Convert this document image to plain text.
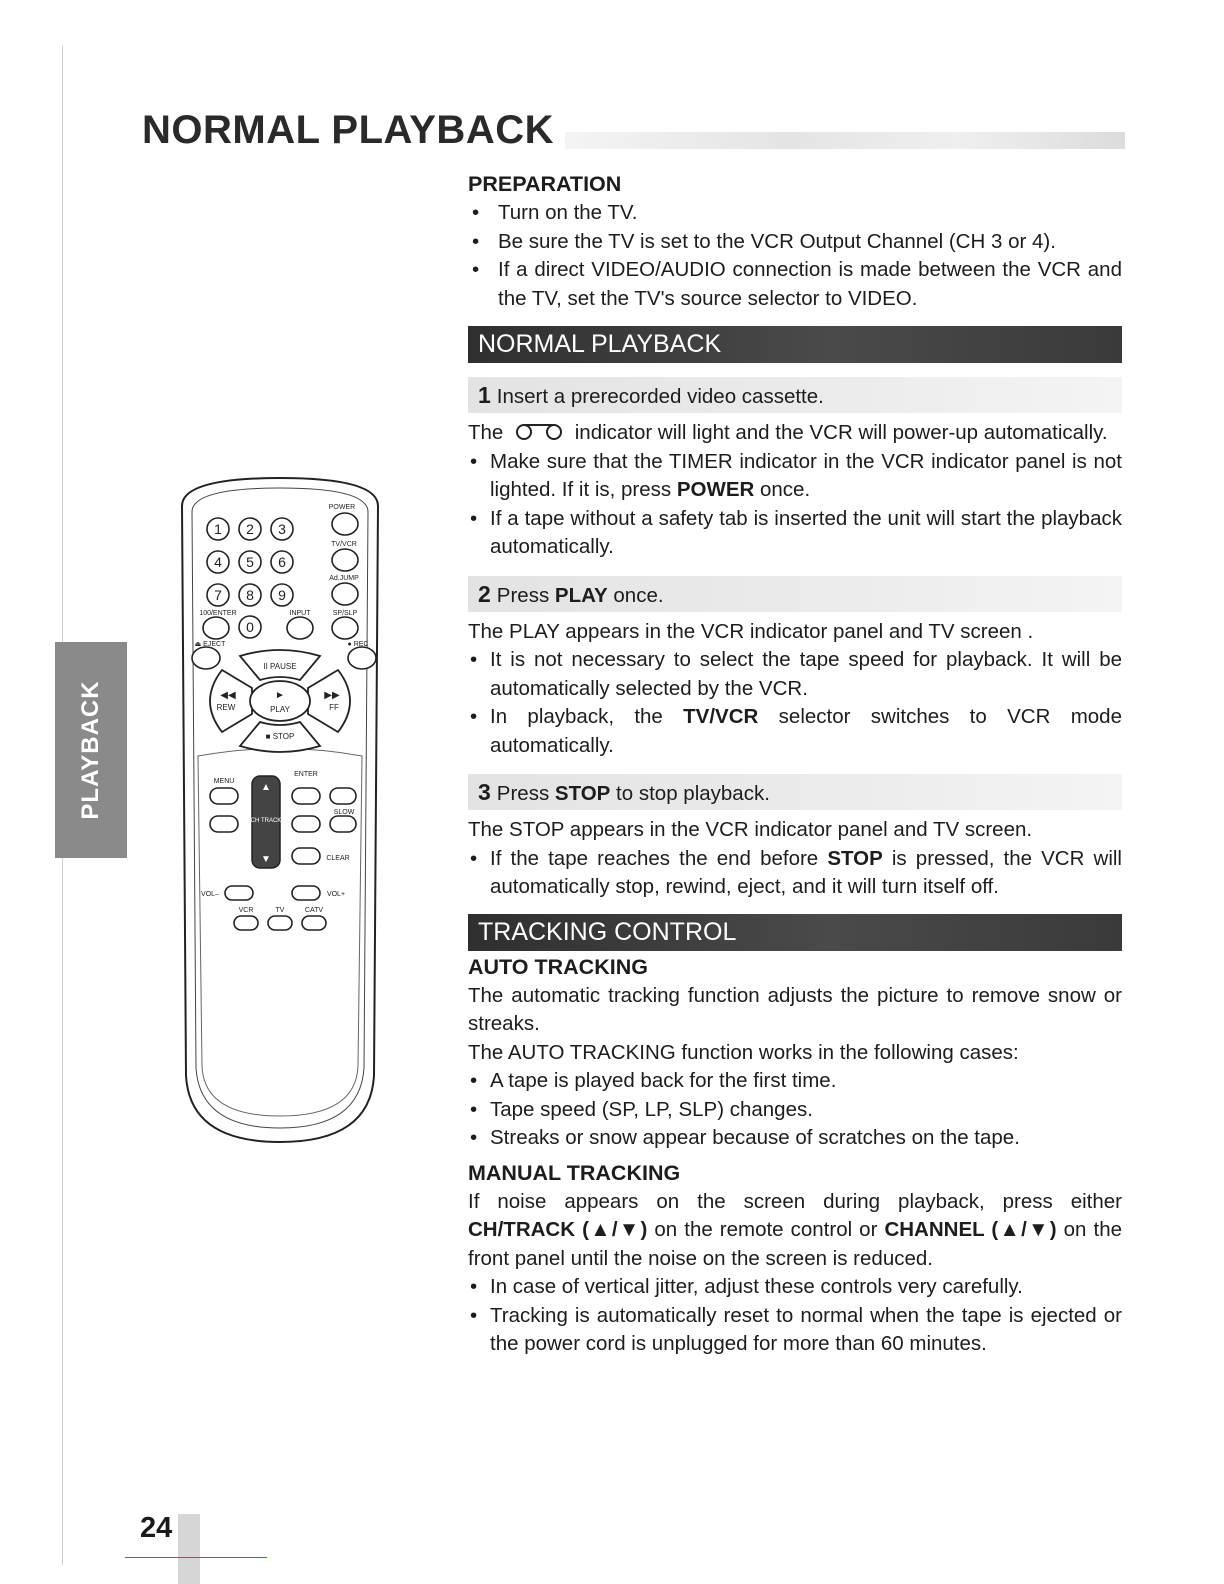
PLAYBACK
NORMAL PLAYBACK
1 2 3
4 5 6
7 8 9
0
POWER
TV/VCR
Ad.JUMP
100/ENTER	INPUT	SP/SLP
⏏ EJECT	● REC
II PAUSE
►
PLAY
◀◀
REW
▶▶
FF
■ STOP
▲
CH TRACK
▼
MENU
ENTER
SLOW
CLEAR
VOL–	VOL+
VCR	TV	CATV
PREPARATION
• Turn on the TV.
• Be sure the TV is set to the VCR Output Channel (CH 3 or 4).
• If a direct VIDEO/AUDIO connection is made between the VCR and the TV, set the TV's source selector to VIDEO.
NORMAL PLAYBACK
1 Insert a prerecorded video cassette.

The	indicator will light and the VCR will power-up automatically.

• Make sure that the TIMER indicator in the VCR indicator panel is not lighted. If it is, press POWER once.
• If a tape without a safety tab is inserted the unit will start the playback automatically.
2 Press PLAY once.

The PLAY appears in the VCR indicator panel and TV screen .

• It is not necessary to select the tape speed for playback. It will be automatically selected by the VCR.
• In playback, the TV/VCR selector switches to VCR mode automatically.
3 Press STOP to stop playback.

The STOP appears in the VCR indicator panel and TV screen.

• If the tape reaches the end before STOP is pressed, the VCR will automatically stop, rewind, eject, and it will turn itself off.
TRACKING CONTROL
AUTO TRACKING

The automatic tracking function adjusts the picture to remove snow or streaks.

The AUTO TRACKING function works in the following cases:

• A tape is played back for the first time.
• Tape speed (SP, LP, SLP) changes.
• Streaks or snow appear because of scratches on the tape.
MANUAL TRACKING

If noise appears on the screen during playback, press either CH/TRACK (▲/▼) on the remote control or CHANNEL (▲/▼) on the front panel until the noise on the screen is reduced.

• In case of vertical jitter, adjust these controls very carefully.
• Tracking is automatically reset to normal when the tape is ejected or the power cord is unplugged for more than 60 minutes.
24
